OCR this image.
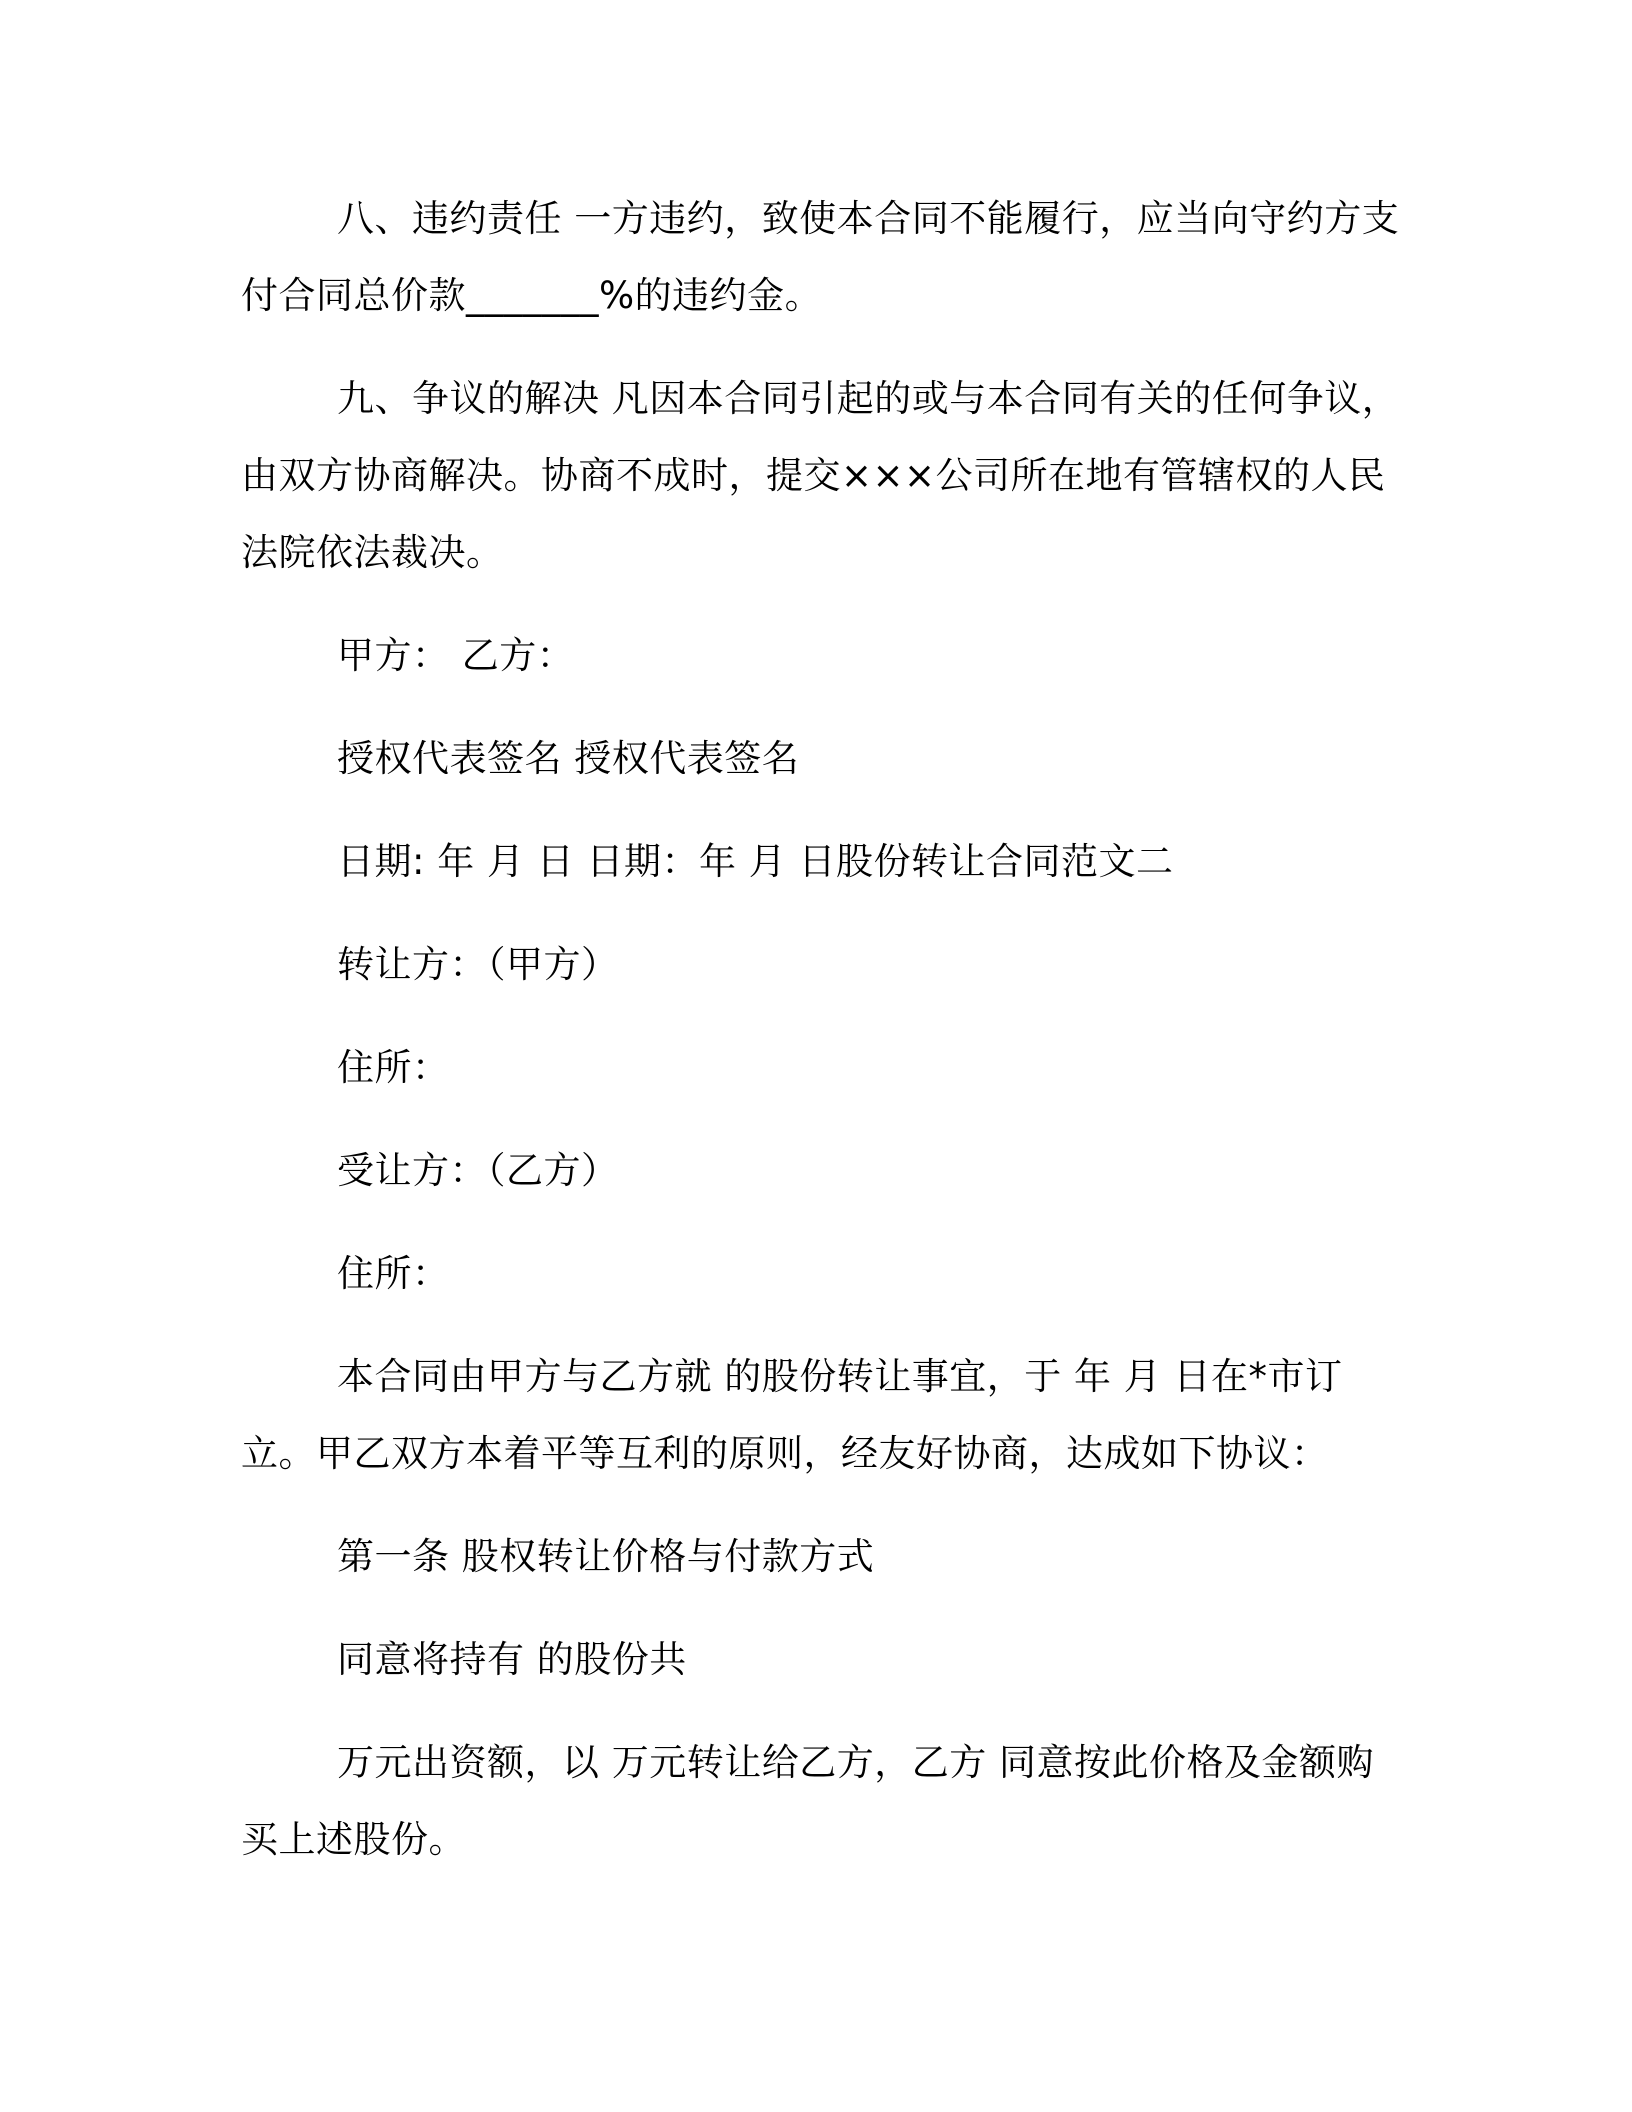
八、违约责任 一方违约，致使本合同不能履行，应当向守约方支付合同总价款_______%的违约金。

九、争议的解决 凡因本合同引起的或与本合同有关的任何争议，由双方协商解决。协商不成时，提交×××公司所在地有管辖权的人民法院依法裁决。

甲方： 乙方：

授权代表签名 授权代表签名

日期: 年 月 日 日期：年 月 日股份转让合同范文二

转让方：（甲方）

住所：

受让方：（乙方）

住所：

本合同由甲方与乙方就 的股份转让事宜，于 年 月 日在*市订立。甲乙双方本着平等互利的原则，经友好协商，达成如下协议：

第一条 股权转让价格与付款方式

同意将持有 的股份共

万元出资额，以 万元转让给乙方，乙方 同意按此价格及金额购买上述股份。
